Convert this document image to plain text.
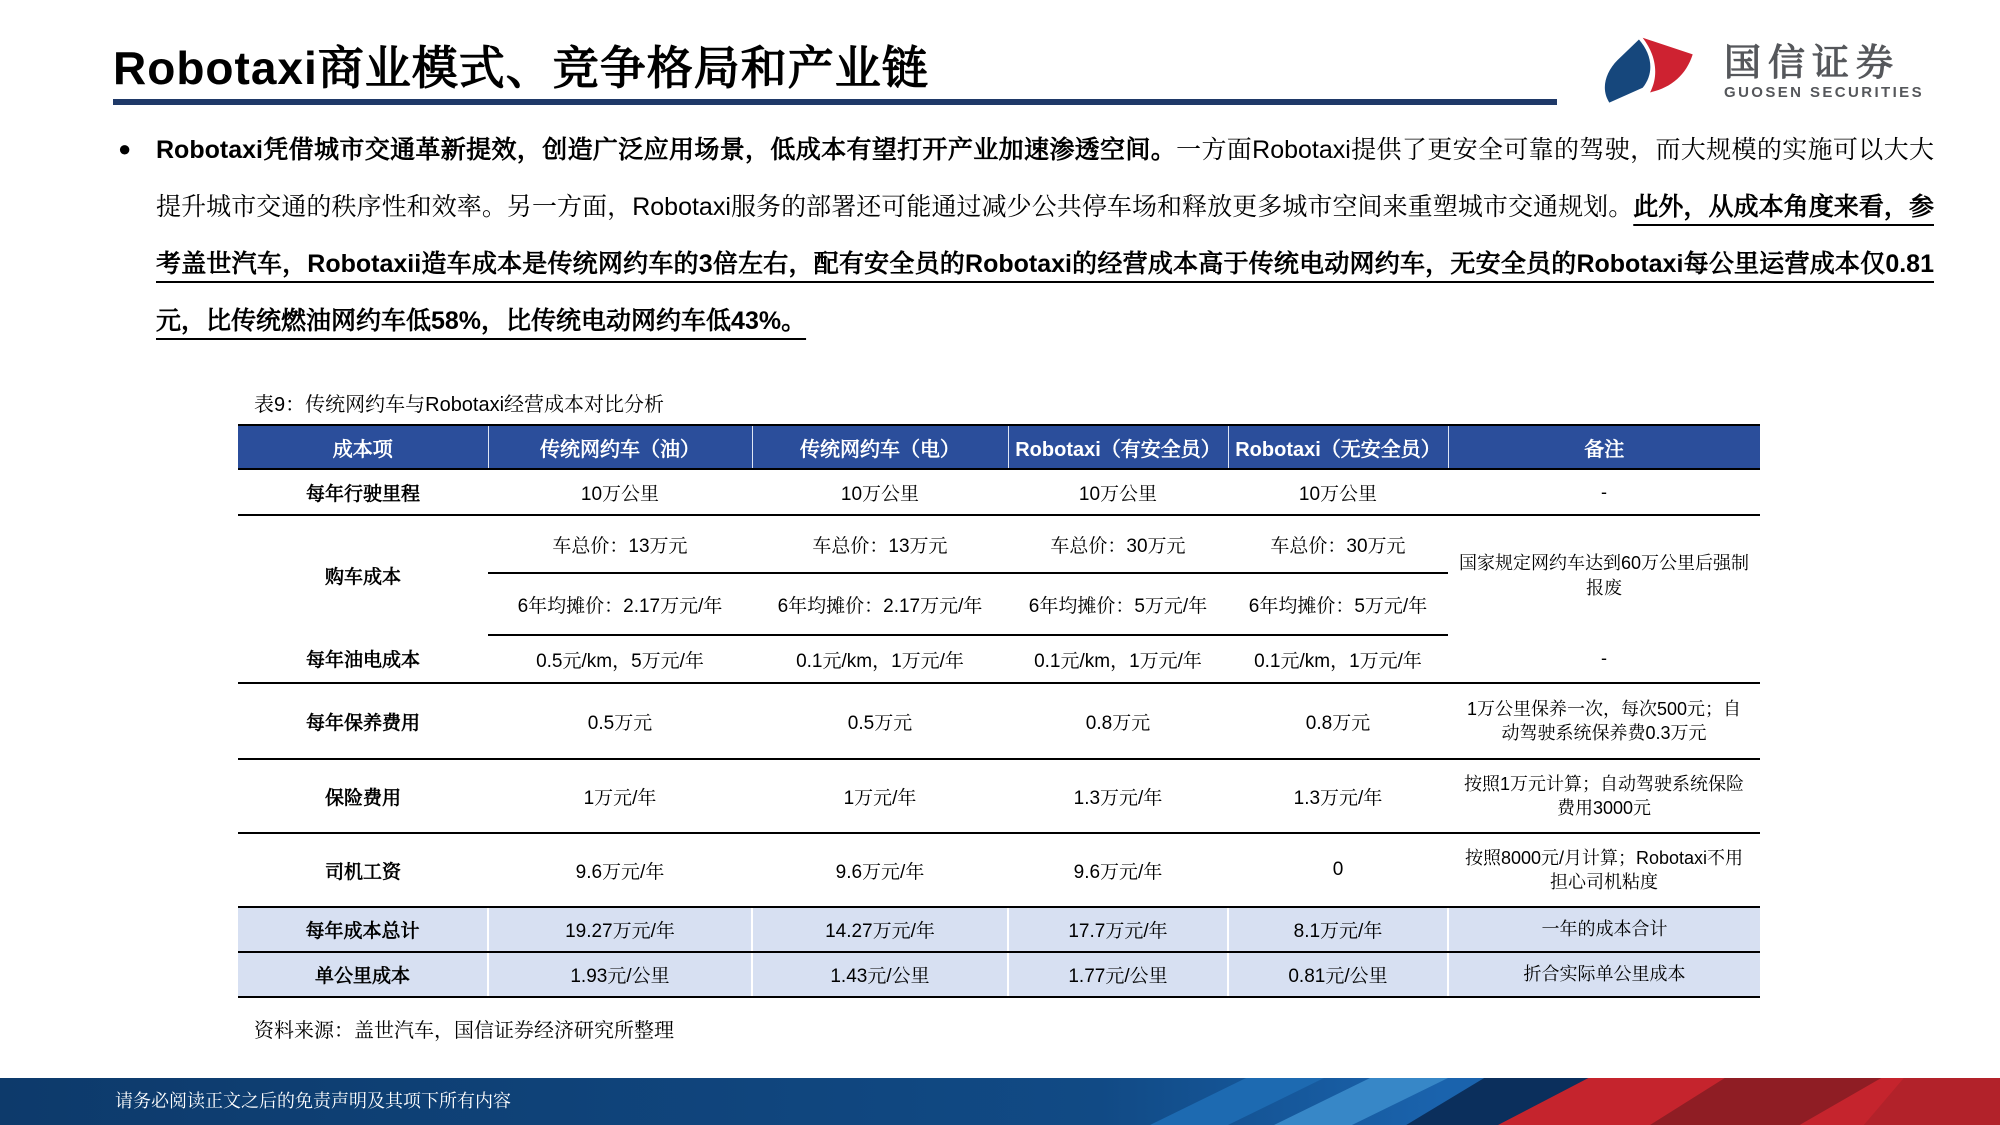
Robotaxi商业模式、竞争格局和产业链	国信证券
GUOSEN SECURITIES
● Robotaxi凭借城市交通革新提效，创造广泛应用场景，低成本有望打开产业加速渗透空间。一方面Robotaxi提供了更安全可靠的驾驶，而大规模的实施可以大大提升城市交通的秩序性和效率。另一方面，Robotaxi服务的部署还可能通过减少公共停车场和释放更多城市空间来重塑城市交通规划。此外，从成本角度来看，参考盖世汽车，Robotaxii造车成本是传统网约车的3倍左右，配有安全员的Robotaxi的经营成本高于传统电动网约车，无安全员的Robotaxi每公里运营成本仅0.81元，比传统燃油网约车低58%，比传统电动网约车低43%。
表9：传统网约车与Robotaxi经营成本对比分析
成本项	传统网约车（油）	传统网约车（电）	Robotaxi（有安全员）	Robotaxi（无安全员）	备注
每年行驶里程	10万公里	10万公里	10万公里	10万公里	-
购车成本	车总价：13万元	车总价：13万元	车总价：30万元	车总价：30万元	国家规定网约车达到60万公里后强制报废
	6年均摊价：2.17万元/年	6年均摊价：2.17万元/年	6年均摊价：5万元/年	6年均摊价：5万元/年	
每年油电成本	0.5元/km，5万元/年	0.1元/km，1万元/年	0.1元/km，1万元/年	0.1元/km，1万元/年	-
每年保养费用	0.5万元	0.5万元	0.8万元	0.8万元	1万公里保养一次，每次500元；自动驾驶系统保养费0.3万元
保险费用	1万元/年	1万元/年	1.3万元/年	1.3万元/年	按照1万元计算；自动驾驶系统保险费用3000元
司机工资	9.6万元/年	9.6万元/年	9.6万元/年	0	按照8000元/月计算；Robotaxi不用担心司机粘度
每年成本总计	19.27万元/年	14.27万元/年	17.7万元/年	8.1万元/年	一年的成本合计
单公里成本	1.93元/公里	1.43元/公里	1.77元/公里	0.81元/公里	折合实际单公里成本
资料来源：盖世汽车，国信证券经济研究所整理
请务必阅读正文之后的免责声明及其项下所有内容
